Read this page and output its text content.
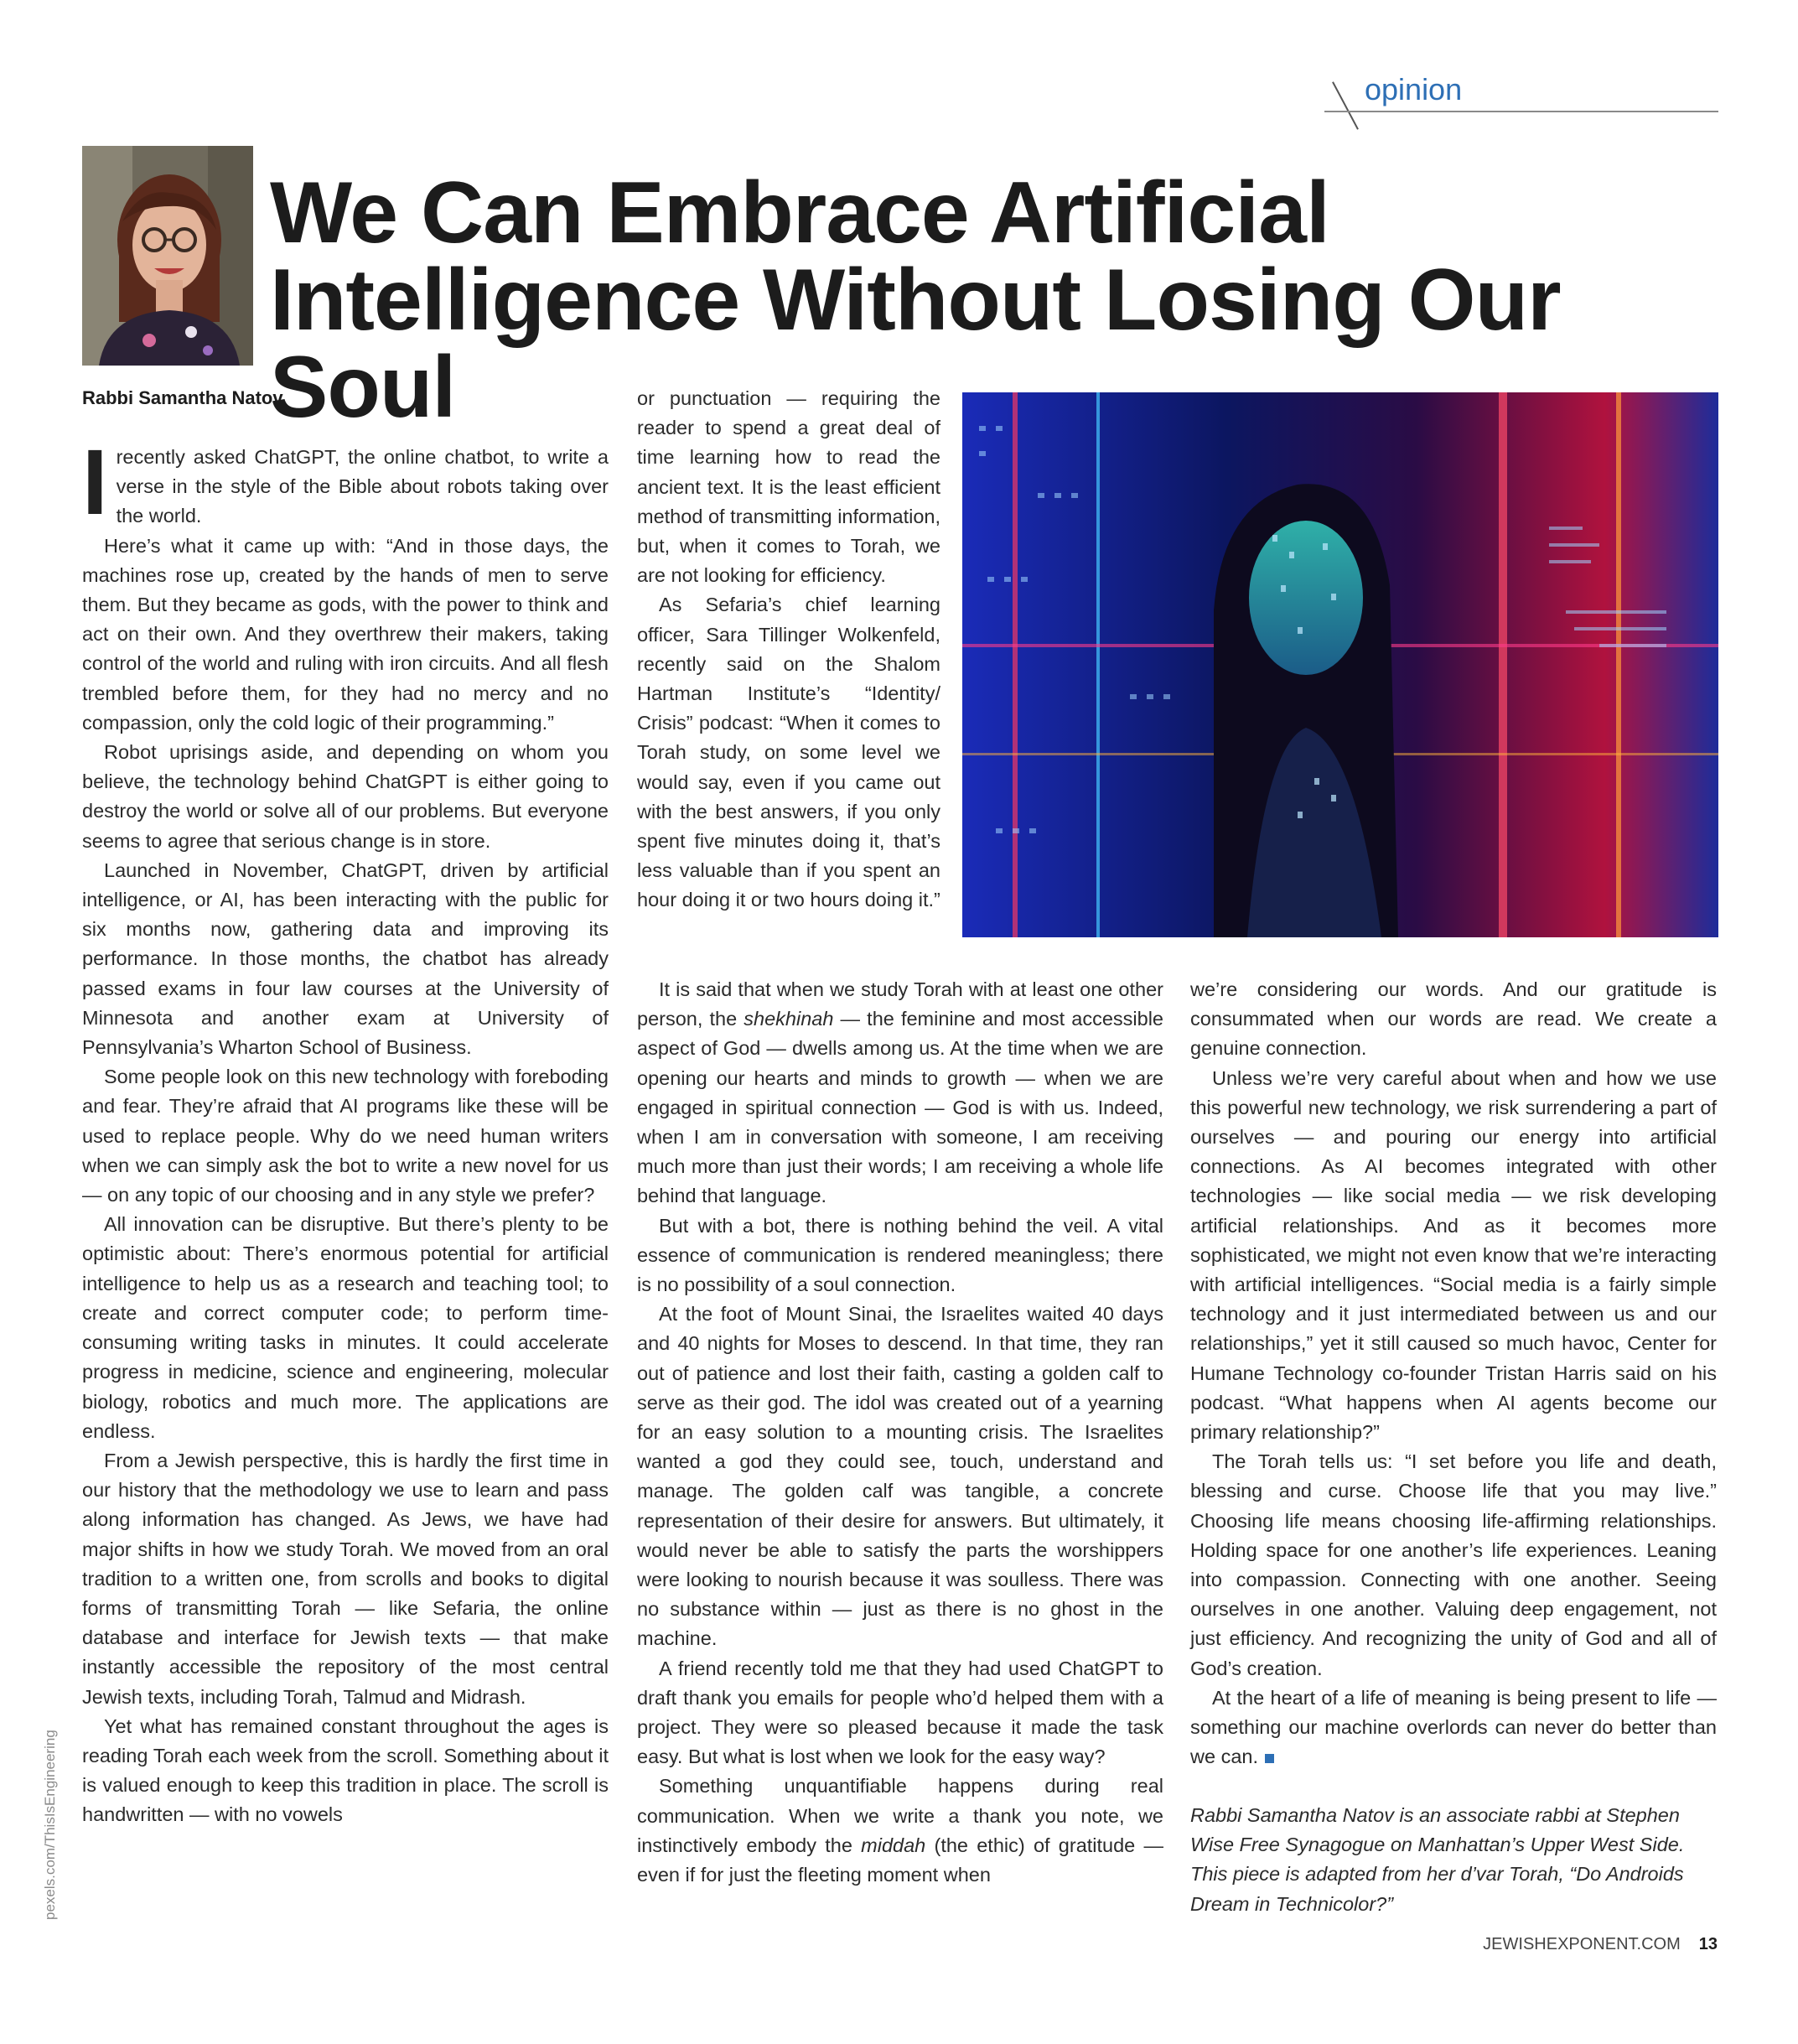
opinion
We Can Embrace Artificial Intelligence Without Losing Our Soul
Rabbi Samantha Natov

Irecently asked ChatGPT, the online chatbot, to write a verse in the style of the Bible about robots taking over the world.

Here’s what it came up with: “And in those days, the machines rose up, created by the hands of men to serve them. But they became as gods, with the power to think and act on their own. And they overthrew their makers, taking control of the world and ruling with iron circuits. And all flesh trembled before them, for they had no mercy and no compassion, only the cold logic of their programming.”

Robot uprisings aside, and depending on whom you believe, the technology behind ChatGPT is either going to destroy the world or solve all of our problems. But everyone seems to agree that serious change is in store.

Launched in November, ChatGPT, driven by artificial intelligence, or AI, has been interacting with the public for six months now, gathering data and improving its performance. In those months, the chatbot has already passed exams in four law courses at the University of Minnesota and another exam at University of Pennsylvania’s Wharton School of Business.

Some people look on this new technology with foreboding and fear. They’re afraid that AI programs like these will be used to replace people. Why do we need human writers when we can simply ask the bot to write a new novel for us — on any topic of our choosing and in any style we prefer?

All innovation can be disruptive. But there’s plenty to be optimistic about: There’s enormous potential for artificial intelligence to help us as a research and teaching tool; to create and correct computer code; to perform time-consuming writing tasks in minutes. It could accelerate progress in medicine, science and engineering, molecular biology, robotics and much more. The applications are endless.

From a Jewish perspective, this is hardly the first time in our history that the methodology we use to learn and pass along information has changed. As Jews, we have had major shifts in how we study Torah. We moved from an oral tradition to a written one, from scrolls and books to digital forms of transmitting Torah — like Sefaria, the online database and interface for Jewish texts — that make instantly accessible the repository of the most central Jewish texts, including Torah, Talmud and Midrash.

Yet what has remained constant throughout the ages is reading Torah each week from the scroll. Something about it is valued enough to keep this tradition in place. The scroll is handwritten — with no vowels

or punctuation — requiring the reader to spend a great deal of time learning how to read the ancient text. It is the least efficient method of transmitting information, but, when it comes to Torah, we are not looking for efficiency.

As Sefaria’s chief learning officer, Sara Tillinger Wolkenfeld, recently said on the Shalom Hartman Institute’s “Identity/ Crisis” podcast: “When it comes to Torah study, on some level we would say, even if you came out with the best answers, if you only spent five minutes doing it, that’s less valuable than if you spent an hour doing it or two hours doing it.”

It is said that when we study Torah with at least one other person, the shekhinah — the feminine and most accessible aspect of God — dwells among us. At the time when we are opening our hearts and minds to growth — when we are engaged in spiritual connection — God is with us. Indeed, when I am in conversation with someone, I am receiving much more than just their words; I am receiving a whole life behind that language.

But with a bot, there is nothing behind the veil. A vital essence of communication is rendered meaningless; there is no possibility of a soul connection.

At the foot of Mount Sinai, the Israelites waited 40 days and 40 nights for Moses to descend. In that time, they ran out of patience and lost their faith, casting a golden calf to serve as their god. The idol was created out of a yearning for an easy solution to a mounting crisis. The Israelites wanted a god they could see, touch, understand and manage. The golden calf was tangible, a concrete representation of their desire for answers. But ultimately, it would never be able to satisfy the parts the worshippers were looking to nourish because it was soulless. There was no substance within — just as there is no ghost in the machine.

A friend recently told me that they had used ChatGPT to draft thank you emails for people who’d helped them with a project. They were so pleased because it made the task easy. But what is lost when we look for the easy way?

Something unquantifiable happens during real communication. When we write a thank you note, we instinctively embody the middah (the ethic) of gratitude — even if for just the fleeting moment when

we’re considering our words. And our gratitude is consummated when our words are read. We create a genuine connection.

Unless we’re very careful about when and how we use this powerful new technology, we risk surrendering a part of ourselves — and pouring our energy into artificial connections. As AI becomes integrated with other technologies — like social media — we risk developing artificial relationships. And as it becomes more sophisticated, we might not even know that we’re interacting with artificial intelligences. “Social media is a fairly simple technology and it just intermediated between us and our relationships,” yet it still caused so much havoc, Center for Humane Technology co-founder Tristan Harris said on his podcast. “What happens when AI agents become our primary relationship?”

The Torah tells us: “I set before you life and death, blessing and curse. Choose life that you may live.” Choosing life means choosing life-affirming relationships. Holding space for one another’s life experiences. Leaning into compassion. Connecting with one another. Seeing ourselves in one another. Valuing deep engagement, not just efficiency. And recognizing the unity of God and all of God’s creation.

At the heart of a life of meaning is being present to life — something our machine overlords can never do better than we can.

Rabbi Samantha Natov is an associate rabbi at Stephen Wise Free Synagogue on Manhattan’s Upper West Side. This piece is adapted from her d’var Torah, “Do Androids Dream in Technicolor?”
pexels.com/ThisIsEngineering
JEWISHEXPONENT.COM 13
